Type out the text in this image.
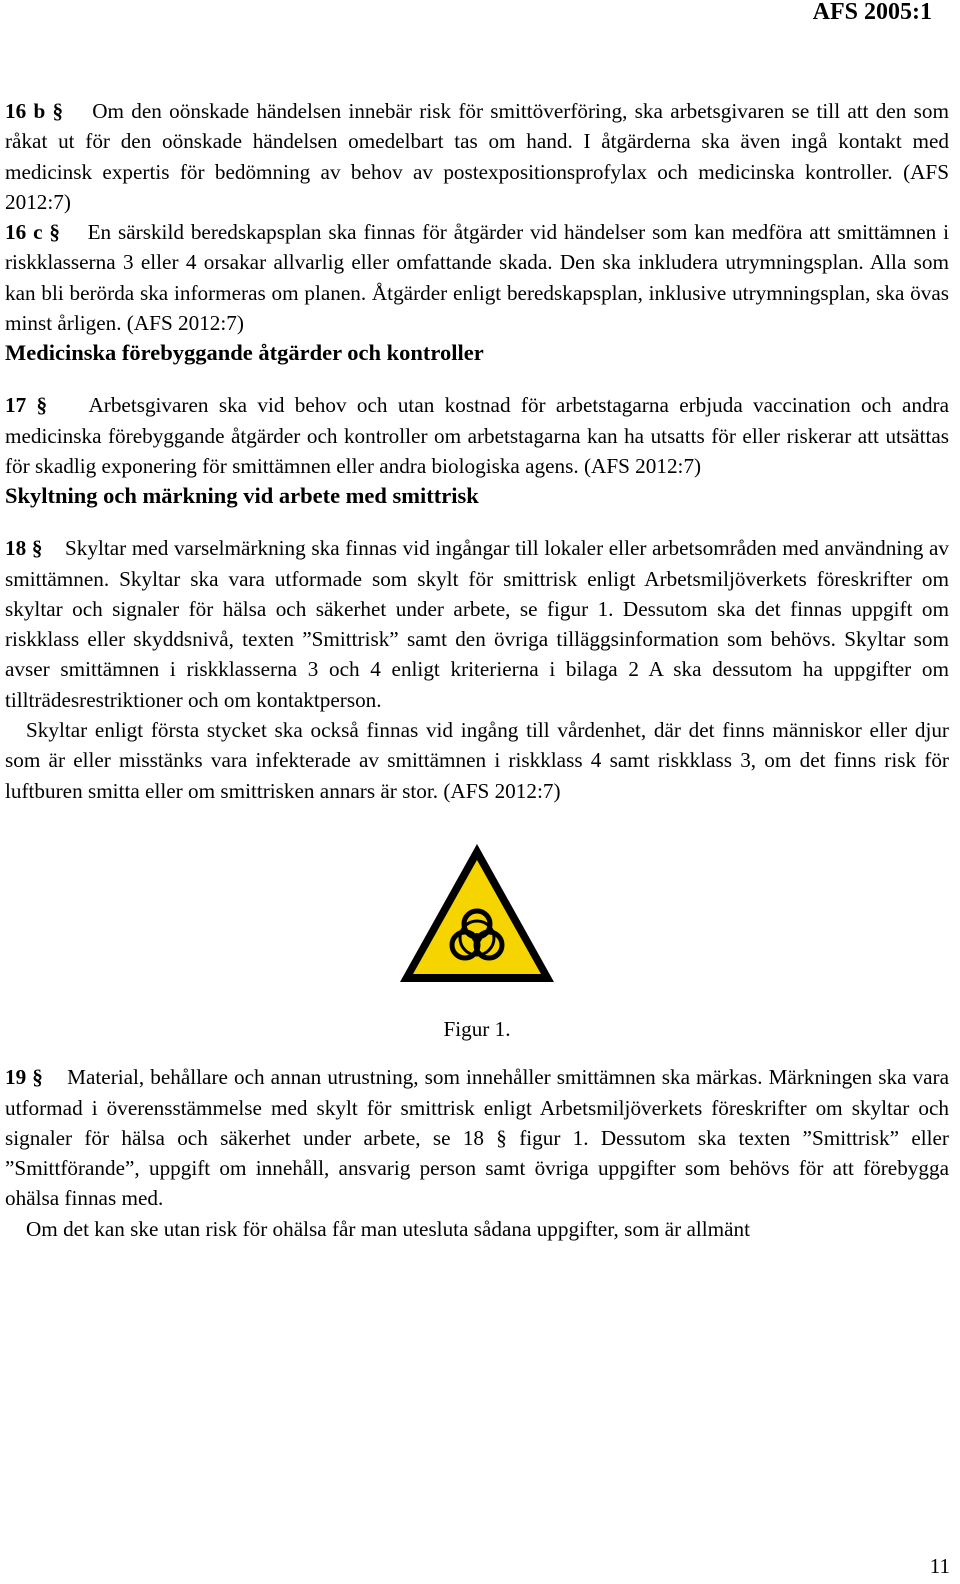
AFS 2005:1

16 b § Om den oönskade händelsen innebär risk för smittöverföring, ska arbetsgivaren se till att den som råkat ut för den oönskade händelsen omedelbart tas om hand. I åtgärderna ska även ingå kontakt med medicinsk expertis för bedömning av behov av postexpositionsprofylax och medicinska kontroller. (AFS 2012:7)

16 c § En särskild beredskapsplan ska finnas för åtgärder vid händelser som kan medföra att smittämnen i riskklasserna 3 eller 4 orsakar allvarlig eller omfattande skada. Den ska inkludera utrymningsplan. Alla som kan bli berörda ska informeras om planen. Åtgärder enligt beredskapsplan, inklusive utrymningsplan, ska övas minst årligen. (AFS 2012:7)

Medicinska förebyggande åtgärder och kontroller

17 § Arbetsgivaren ska vid behov och utan kostnad för arbetstagarna erbjuda vaccination och andra medicinska förebyggande åtgärder och kontroller om arbetstagarna kan ha utsatts för eller riskerar att utsättas för skadlig exponering för smittämnen eller andra biologiska agens. (AFS 2012:7)

Skyltning och märkning vid arbete med smittrisk

18 § Skyltar med varselmärkning ska finnas vid ingångar till lokaler eller arbetsområden med användning av smittämnen. Skyltar ska vara utformade som skylt för smittrisk enligt Arbetsmiljöverkets föreskrifter om skyltar och signaler för hälsa och säkerhet under arbete, se figur 1. Dessutom ska det finnas uppgift om riskklass eller skyddsnivå, texten ”Smittrisk” samt den övriga tilläggsinformation som behövs. Skyltar som avser smittämnen i riskklasserna 3 och 4 enligt kriterierna i bilaga 2 A ska dessutom ha uppgifter om tillträdesrestriktioner och om kontaktperson.

Skyltar enligt första stycket ska också finnas vid ingång till vårdenhet, där det finns människor eller djur som är eller misstänks vara infekterade av smittämnen i riskklass 4 samt riskklass 3, om det finns risk för luftburen smitta eller om smittrisken annars är stor. (AFS 2012:7)

Figur 1.

19 § Material, behållare och annan utrustning, som innehåller smittämnen ska märkas. Märkningen ska vara utformad i överensstämmelse med skylt för smittrisk enligt Arbetsmiljöverkets föreskrifter om skyltar och signaler för hälsa och säkerhet under arbete, se 18 § figur 1. Dessutom ska texten ”Smittrisk” eller ”Smittförande”, uppgift om innehåll, ansvarig person samt övriga uppgifter som behövs för att förebygga ohälsa finnas med.

Om det kan ske utan risk för ohälsa får man utesluta sådana uppgifter, som är allmänt

11
